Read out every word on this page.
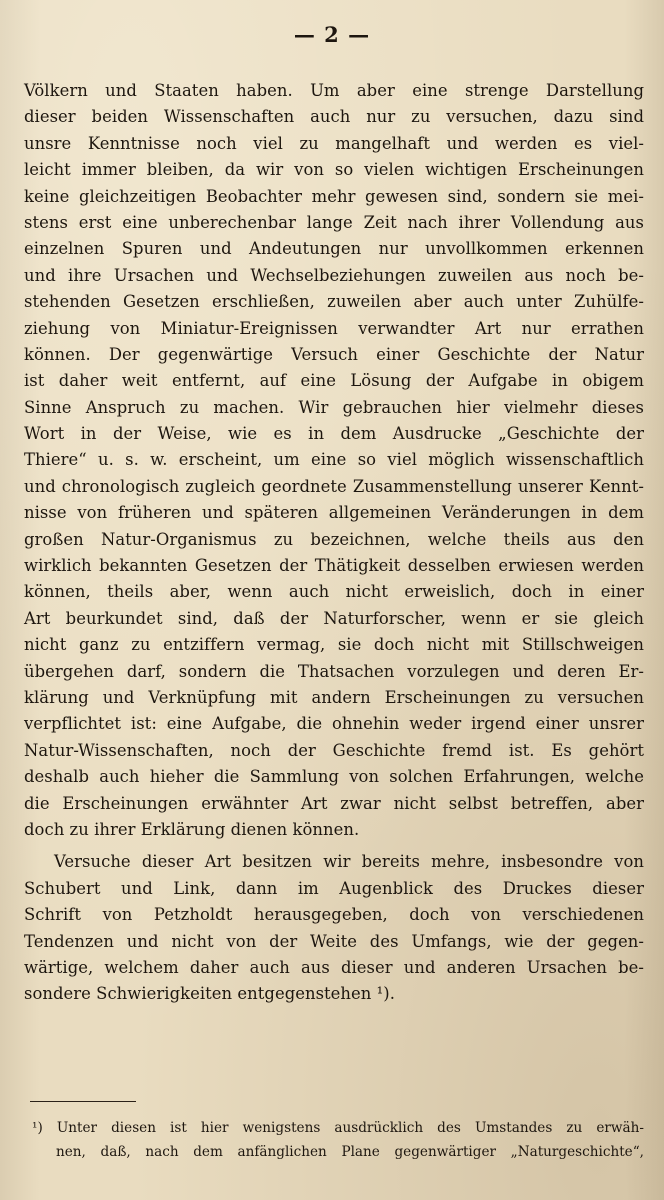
— 2 —
Völkern und Staaten haben. Um aber eine strenge Darstellung
dieser beiden Wissenschaften auch nur zu versuchen, dazu sind
unsre Kenntnisse noch viel zu mangelhaft und werden es viel-
leicht immer bleiben, da wir von so vielen wichtigen Erscheinungen
keine gleichzeitigen Beobachter mehr gewesen sind, sondern sie mei-
stens erst eine unberechenbar lange Zeit nach ihrer Vollendung aus
einzelnen Spuren und Andeutungen nur unvollkommen erkennen
und ihre Ursachen und Wechselbeziehungen zuweilen aus noch be-
stehenden Gesetzen erschließen, zuweilen aber auch unter Zuhülfe-
ziehung von Miniatur-Ereignissen verwandter Art nur errathen
können. Der gegenwärtige Versuch einer Geschichte der Natur
ist daher weit entfernt, auf eine Lösung der Aufgabe in obigem
Sinne Anspruch zu machen. Wir gebrauchen hier vielmehr dieses
Wort in der Weise, wie es in dem Ausdrucke „Geschichte der
Thiere“ u. s. w. erscheint, um eine so viel möglich wissenschaftlich
und chronologisch zugleich geordnete Zusammenstellung unserer Kennt-
nisse von früheren und späteren allgemeinen Veränderungen in dem
großen Natur-Organismus zu bezeichnen, welche theils aus den
wirklich bekannten Gesetzen der Thätigkeit desselben erwiesen werden
können, theils aber, wenn auch nicht erweislich, doch in einer
Art beurkundet sind, daß der Naturforscher, wenn er sie gleich
nicht ganz zu entziffern vermag, sie doch nicht mit Stillschweigen
übergehen darf, sondern die Thatsachen vorzulegen und deren Er-
klärung und Verknüpfung mit andern Erscheinungen zu versuchen
verpflichtet ist: eine Aufgabe, die ohnehin weder irgend einer unsrer
Natur-Wissenschaften, noch der Geschichte fremd ist. Es gehört
deshalb auch hieher die Sammlung von solchen Erfahrungen, welche
die Erscheinungen erwähnter Art zwar nicht selbst betreffen, aber
doch zu ihrer Erklärung dienen können.
Versuche dieser Art besitzen wir bereits mehre, insbesondre von
Schubert und Link, dann im Augenblick des Druckes dieser
Schrift von Petzholdt herausgegeben, doch von verschiedenen
Tendenzen und nicht von der Weite des Umfangs, wie der gegen-
wärtige, welchem daher auch aus dieser und anderen Ursachen be-
sondere Schwierigkeiten entgegenstehen ¹).
¹) Unter diesen ist hier wenigstens ausdrücklich des Umstandes zu erwäh-
nen, daß, nach dem anfänglichen Plane gegenwärtiger „Naturgeschichte“,
